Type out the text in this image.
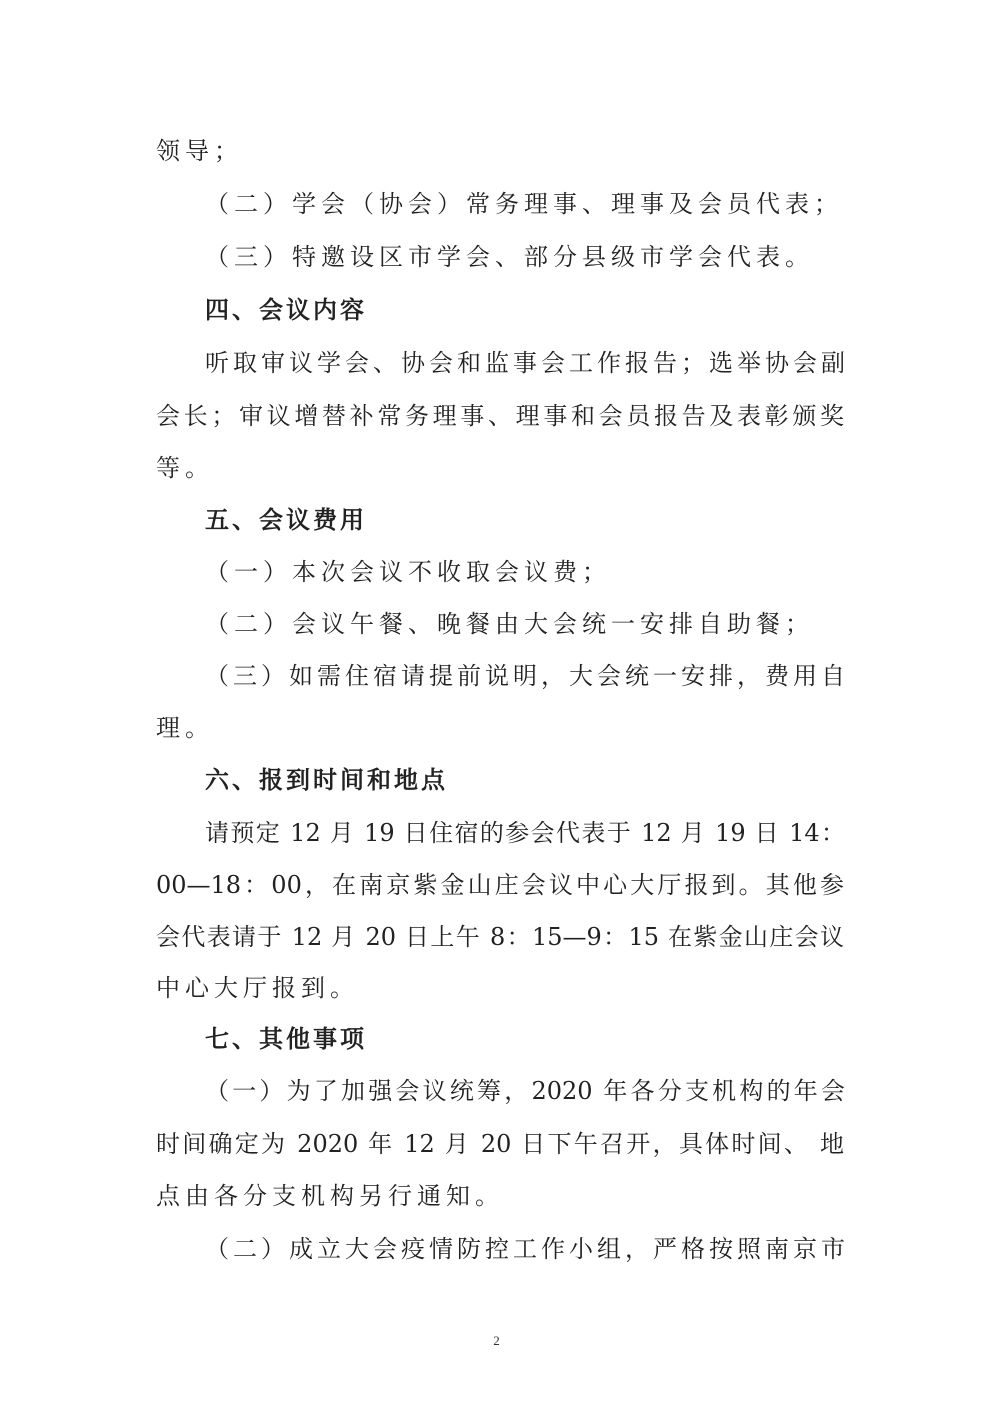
领导；
（二）学会（协会）常务理事、理事及会员代表；
（三）特邀设区市学会、部分县级市学会代表。
四、会议内容
听取审议学会、协会和监事会工作报告；选举协会副
会长；审议增替补常务理事、理事和会员报告及表彰颁奖
等。
五、会议费用
（一）本次会议不收取会议费；
（二）会议午餐、晚餐由大会统一安排自助餐；
（三）如需住宿请提前说明，大会统一安排，费用自
理。
六、报到时间和地点
请预定 12 月 19 日住宿的参会代表于 12 月 19 日 14：
00—18：00，在南京紫金山庄会议中心大厅报到。其他参
会代表请于 12 月 20 日上午 8：15—9：15 在紫金山庄会议
中心大厅报到。
七、其他事项
（一）为了加强会议统筹，2020 年各分支机构的年会
时间确定为 2020 年 12 月 20 日下午召开，具体时间、 地
点由各分支机构另行通知。
（二）成立大会疫情防控工作小组，严格按照南京市
2
